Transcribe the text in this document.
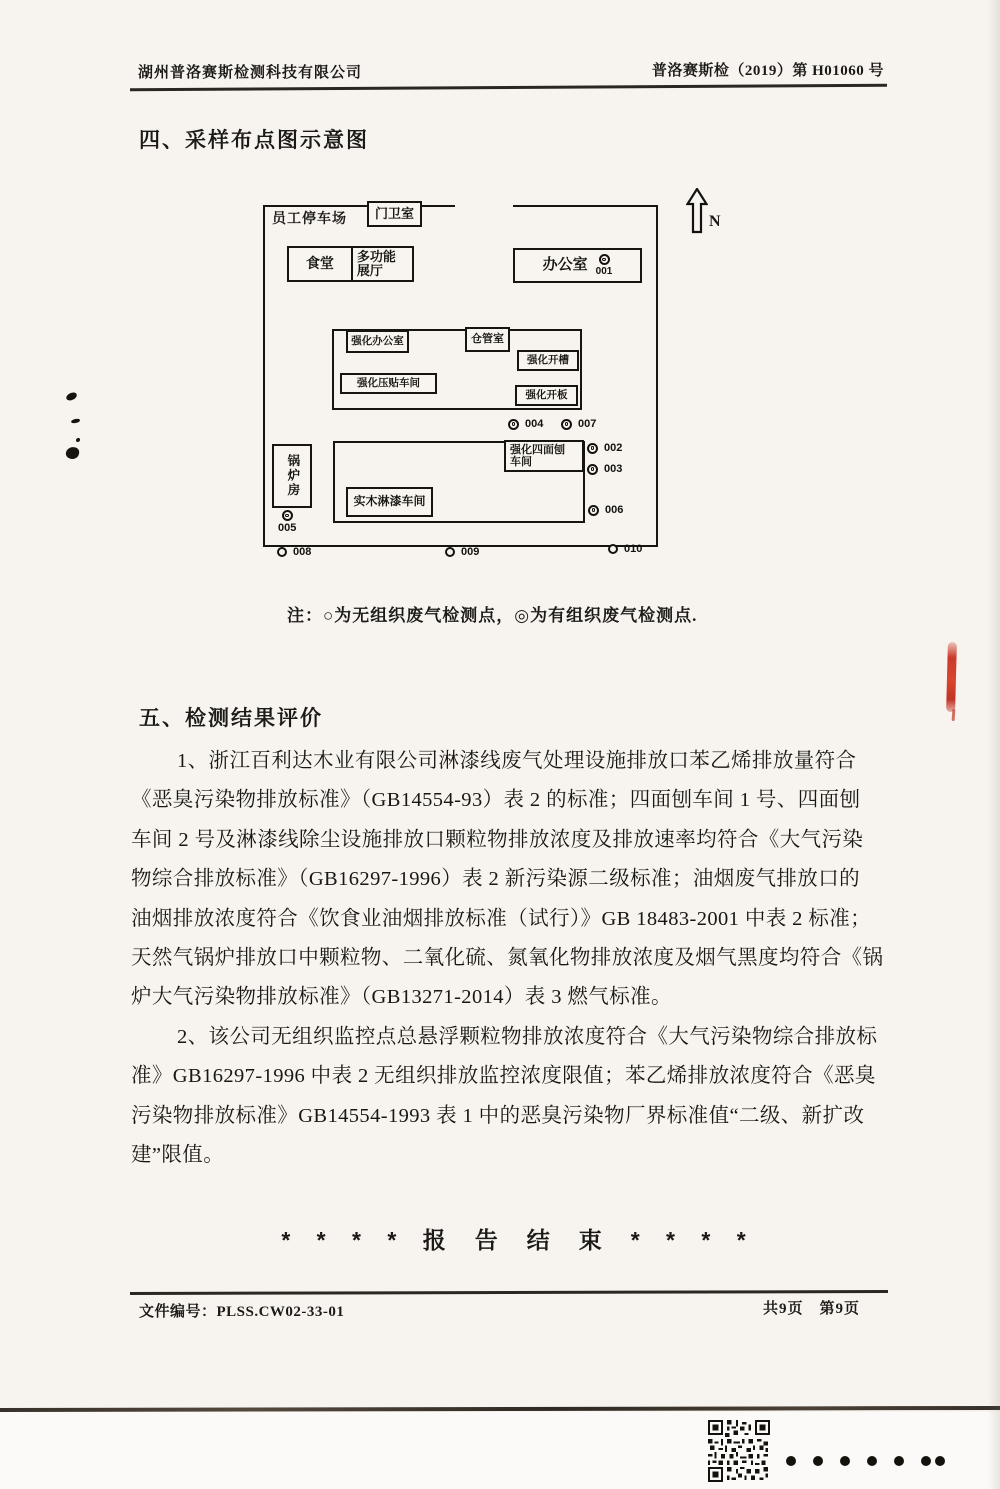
湖州普洛赛斯检测科技有限公司	普洛赛斯检（2019）第 H01060 号
四、采样布点图示意图
员工停车场	门卫室
食堂	多功能
展厅	办公室 001
N
强化办公室	仓管室
强化开槽
强化压贴车间
强化开板
004	007
强化四面刨
车间
实木淋漆车间
锅炉房
002
003
006
005
008	009	010
注：○为无组织废气检测点，◎为有组织废气检测点.
五、检测结果评价
1、浙江百利达木业有限公司淋漆线废气处理设施排放口苯乙烯排放量符合
《恶臭污染物排放标准》（GB14554-93）表 2 的标准；四面刨车间 1 号、四面刨
车间 2 号及淋漆线除尘设施排放口颗粒物排放浓度及排放速率均符合《大气污染
物综合排放标准》（GB16297-1996）表 2 新污染源二级标准；油烟废气排放口的
油烟排放浓度符合《饮食业油烟排放标准（试行）》GB 18483-2001 中表 2 标准；
天然气锅炉排放口中颗粒物、二氧化硫、氮氧化物排放浓度及烟气黑度均符合《锅
炉大气污染物排放标准》（GB13271-2014）表 3 燃气标准。
2、该公司无组织监控点总悬浮颗粒物排放浓度符合《大气污染物综合排放标
准》GB16297-1996 中表 2 无组织排放监控浓度限值；苯乙烯排放浓度符合《恶臭
污染物排放标准》GB14554-1993 表 1 中的恶臭污染物厂界标准值“二级、新扩改
建”限值。
* * * * 报　告　结　束　* * * *
文件编号：PLSS.CW02-33-01	共9页　第9页
